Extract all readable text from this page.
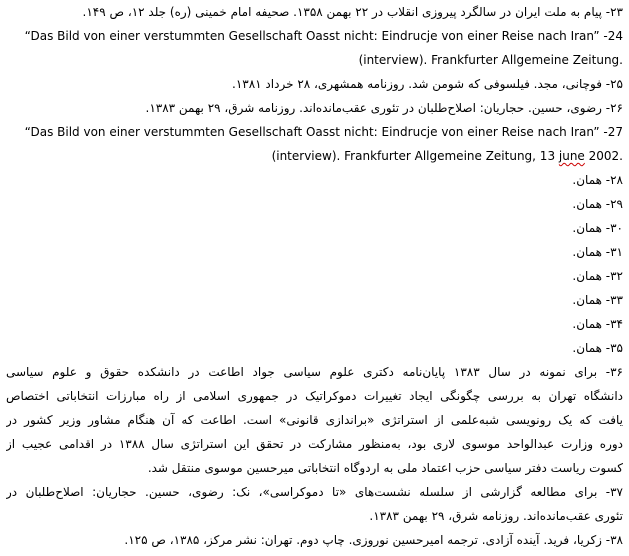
۲۳- پیام به ملت ایران در سالگرد پیروزی انقلاب در ۲۲ بهمن ۱۳۵۸. صحیفه امام خمینی (ره) جلد ۱۲، ص ۱۴۹.
“Das Bild von einer verstummten Gesellschaft Oasst nicht: Eindrucje von einer Reise nach Iran” -24
(interview). Frankfurter Allgemeine Zeitung.
۲۵- فوچانی، مجد. فیلسوفی که شومن شد. روزنامه همشهری، ۲۸ خرداد ۱۳۸۱.
۲۶- رضوی، حسین. حجاریان: اصلاح‌طلبان در تئوری عقب‌مانده‌اند. روزنامه شرق، ۲۹ بهمن ۱۳۸۳.
“Das Bild von einer verstummten Gesellschaft Oasst nicht: Eindrucje von einer Reise nach Iran” -27
(interview). Frankfurter Allgemeine Zeitung, 13 june 2002.
۲۸- همان.
۲۹- همان.
۳۰- همان.
۳۱- همان.
۳۲- همان.
۳۳- همان.
۳۴- همان.
۳۵- همان.
۳۶- برای نمونه در سال ۱۳۸۳ پایان‌نامه دکتری علوم سیاسی جواد اطاعت در دانشکده حقوق و علوم سیاسی
دانشگاه تهران به بررسی چگونگی ایجاد تغییرات دموکراتیک در جمهوری اسلامی از راه مبارزات انتخاباتی اختصاص
یافت که یک رونویسی شبه‌علمی از استراتژی «براندازی قانونی» است. اطاعت که آن هنگام مشاور وزیر کشور در
دوره وزارت عبدالواحد موسوی لاری بود، به‌منظور مشارکت در تحقق این استراتژی سال ۱۳۸۸ در اقدامی عجیب از
کسوت ریاست دفتر سیاسی حزب اعتماد ملی به اردوگاه انتخاباتی میرحسین موسوی منتقل شد.
۳۷- برای مطالعه گزارشی از سلسله نشست‌های «تا دموکراسی»، نک: رضوی، حسین. حجاریان: اصلاح‌طلبان در
تئوری عقب‌مانده‌اند. روزنامه شرق، ۲۹ بهمن ۱۳۸۳.
۳۸- زکریا، فرید. آینده آزادی. ترجمه امیرحسین نوروزی. چاپ دوم. تهران: نشر مرکز، ۱۳۸۵، ص ۱۲۵.
